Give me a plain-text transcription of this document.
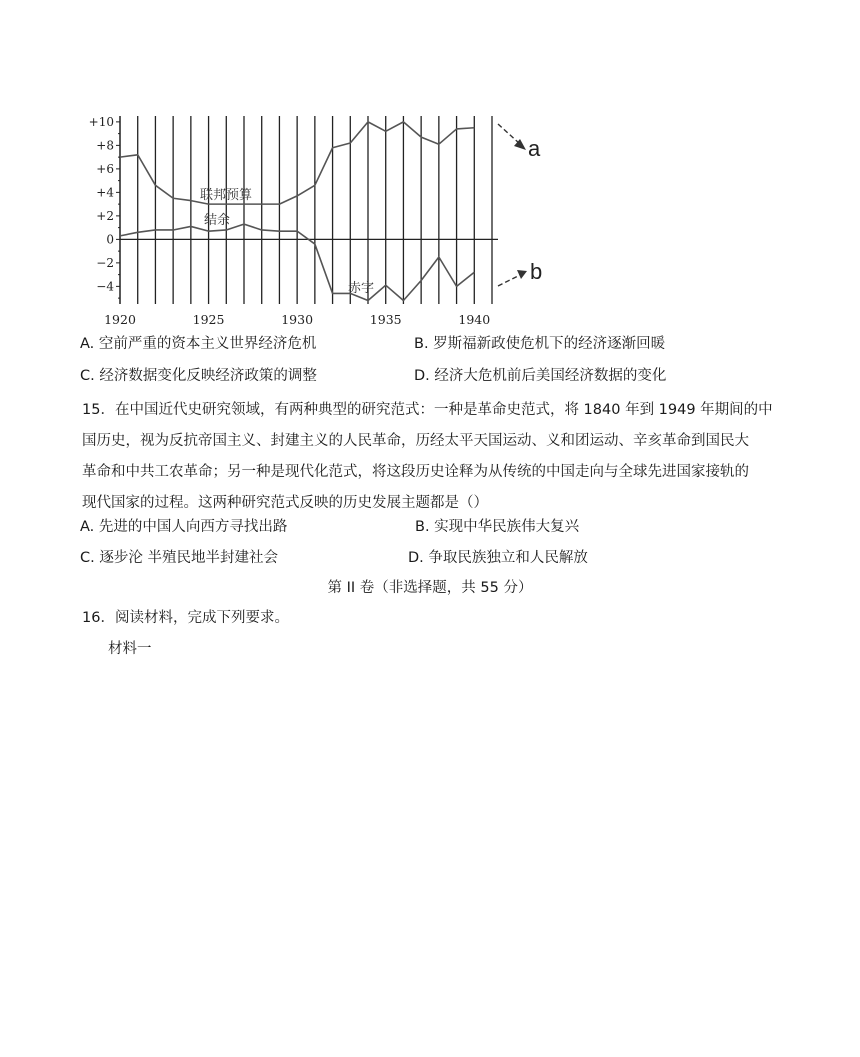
+10
+8
+6
+4
+2
0
−2
−4
1920	1925	1930	1935	1940
联邦预算
结余
赤字
a
b
A. 空前严重的资本主义世界经济危机	B. 罗斯福新政使危机下的经济逐渐回暖
C. 经济数据变化反映经济政策的调整	D. 经济大危机前后美国经济数据的变化
15．在中国近代史研究领域，有两种典型的研究范式：一种是革命史范式，将 1840 年到 1949 年期间的中
国历史，视为反抗帝国主义、封建主义的人民革命，历经太平天国运动、义和团运动、辛亥革命到国民大
革命和中共工农革命；另一种是现代化范式，将这段历史诠释为从传统的中国走向与全球先进国家接轨的
现代国家的过程。这两种研究范式反映的历史发展主题都是（）
A. 先进的中国人向西方寻找出路	B. 实现中华民族伟大复兴
C. 逐步沦 半殖民地半封建社会	D. 争取民族独立和人民解放
第 II 卷（非选择题，共 55 分）
16．阅读材料，完成下列要求。
材料一
